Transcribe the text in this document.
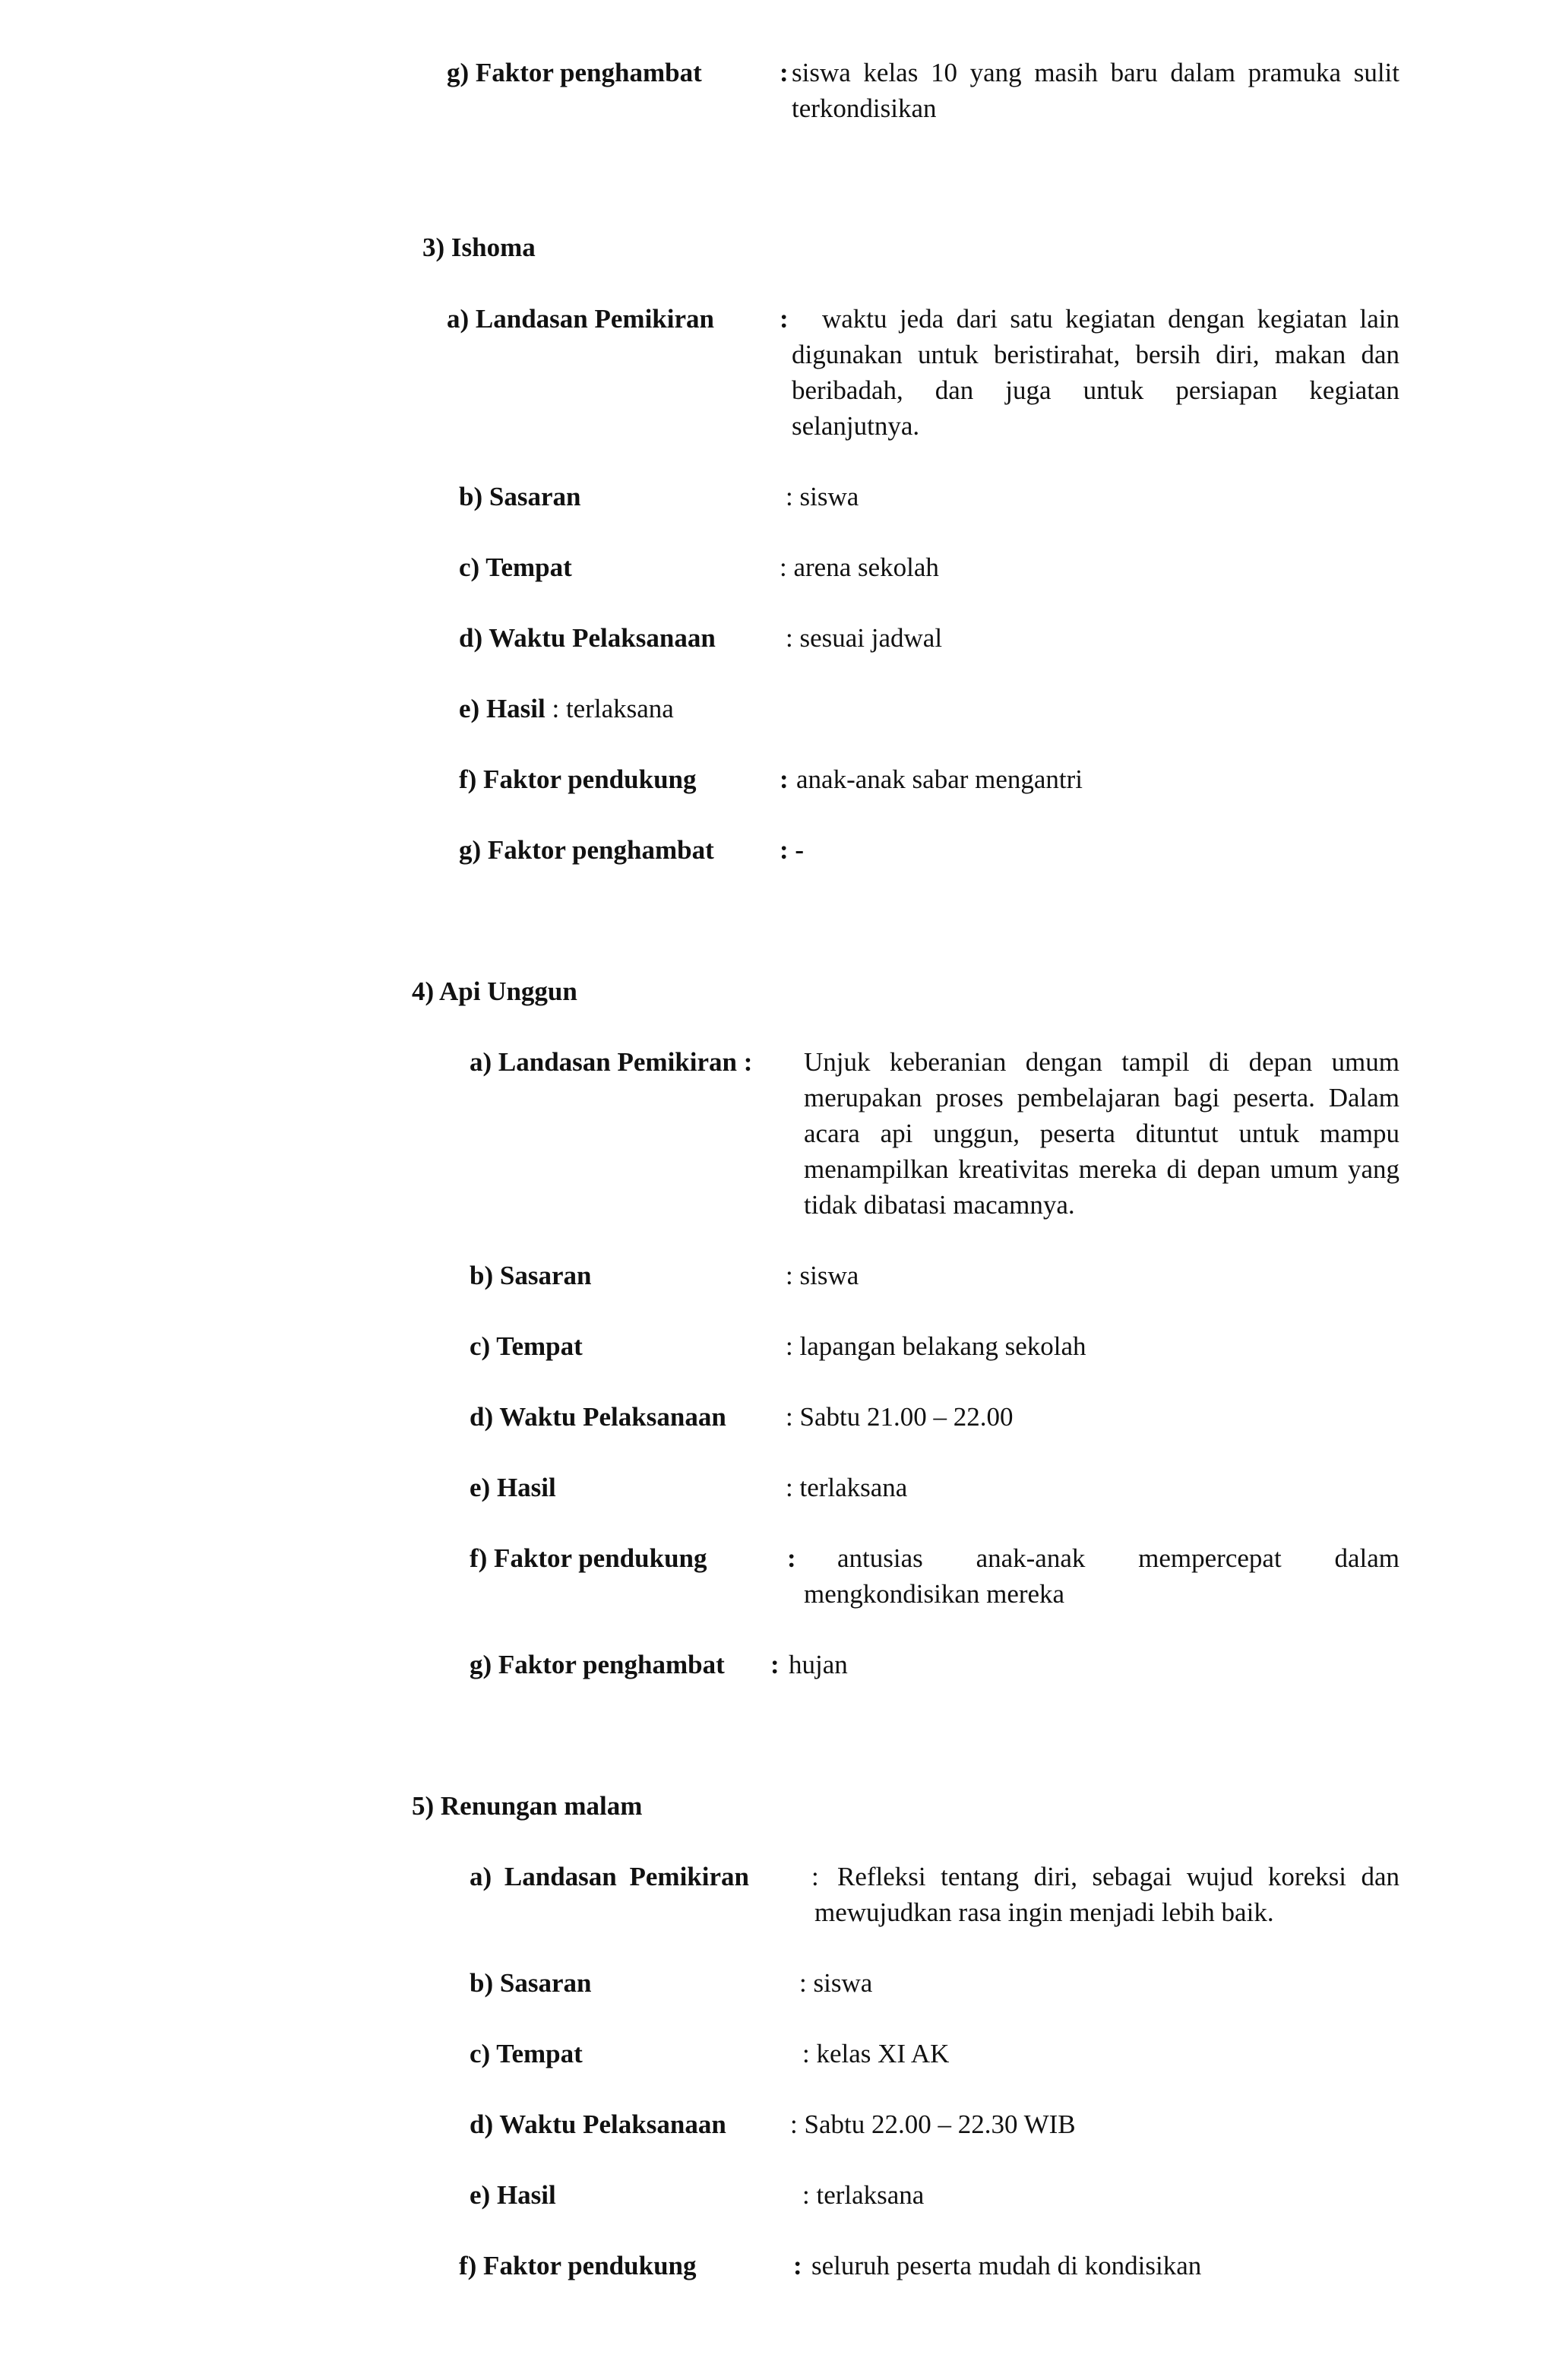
g) Faktor penghambat	: siswa kelas 10 yang masih baru dalam pramuka sulit terkondisikan
3) Ishoma
a) Landasan Pemikiran :	waktu jeda dari satu kegiatan dengan kegiatan lain digunakan untuk beristirahat, bersih diri, makan dan beribadah, dan juga untuk persiapan kegiatan selanjutnya.
b) Sasaran	: siswa
c) Tempat	: arena sekolah
d) Waktu Pelaksanaan	: sesuai jadwal
e) Hasil : terlaksana
f) Faktor pendukung	: anak-anak sabar mengantri
g) Faktor penghambat : -
4) Api Unggun
a) Landasan Pemikiran : Unjuk keberanian dengan tampil di depan umum merupakan proses pembelajaran bagi peserta. Dalam acara api unggun, peserta dituntut untuk mampu menampilkan kreativitas mereka di depan umum yang tidak dibatasi macamnya.
b) Sasaran	: siswa
c) Tempat	: lapangan belakang sekolah
d) Waktu Pelaksanaan : Sabtu 21.00 – 22.00
e) Hasil	: terlaksana
f) Faktor pendukung	:	antusias anak-anak mempercepat dalam mengkondisikan mereka
g) Faktor penghambat : hujan
5) Renungan malam
a) Landasan Pemikiran : Refleksi tentang diri, sebagai wujud koreksi dan mewujudkan rasa ingin menjadi lebih baik.
b) Sasaran	: siswa
c) Tempat	: kelas XI AK
d) Waktu Pelaksanaan : Sabtu 22.00 – 22.30 WIB
e) Hasil	: terlaksana
f) Faktor pendukung	: seluruh peserta mudah di kondisikan
